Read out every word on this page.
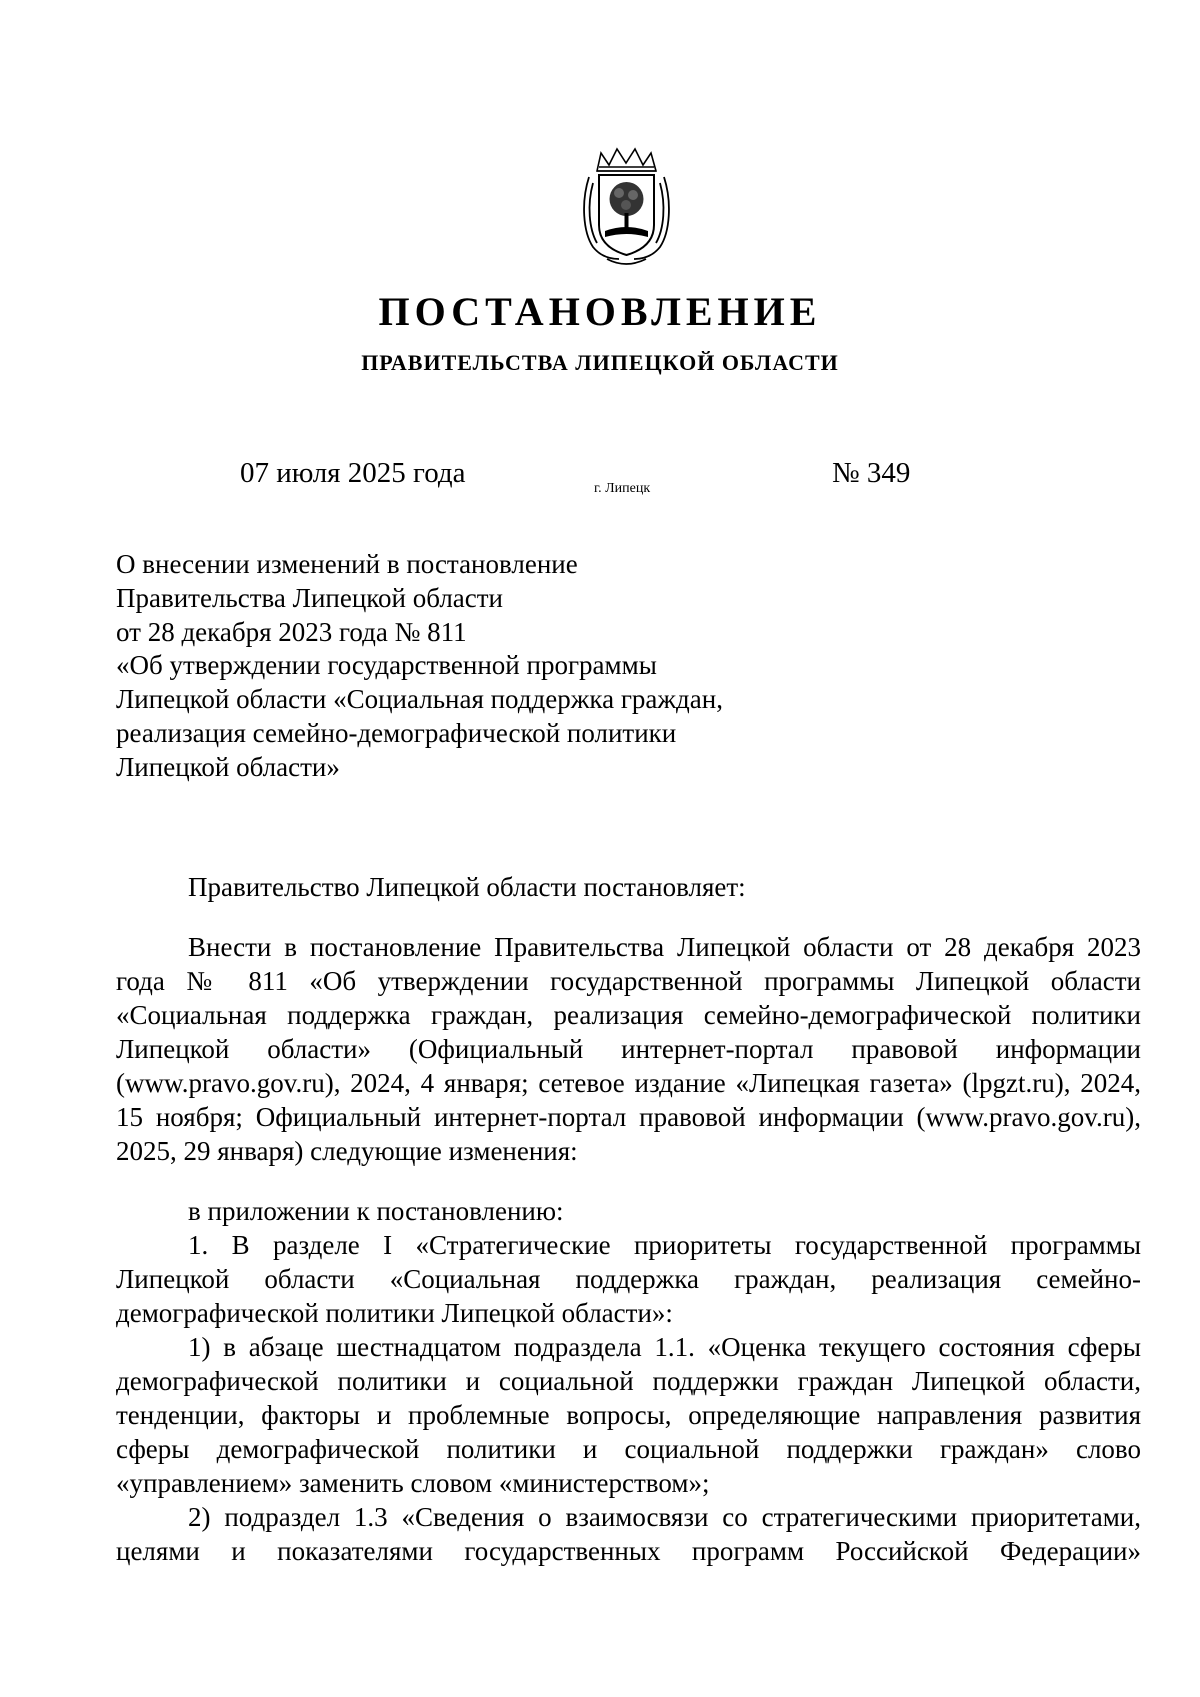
ПОСТАНОВЛЕНИЕ
ПРАВИТЕЛЬСТВА ЛИПЕЦКОЙ ОБЛАСТИ
07 июля 2025 года	г. Липецк	№ 349
О внесении изменений в постановление
Правительства Липецкой области
от 28 декабря 2023 года № 811
«Об утверждении государственной программы
Липецкой области «Социальная поддержка граждан,
реализация семейно-демографической политики
Липецкой области»

Правительство Липецкой области постановляет:

Внести в постановление Правительства Липецкой области от 28 декабря 2023 года № 811 «Об утверждении государственной программы Липецкой области «Социальная поддержка граждан, реализация семейно-демографической политики Липецкой области» (Официальный интернет-портал правовой информации (www.pravo.gov.ru), 2024, 4 января; сетевое издание «Липецкая газета» (lpgzt.ru), 2024, 15 ноября; Официальный интернет-портал правовой информации (www.pravo.gov.ru), 2025, 29 января) следующие изменения:

в приложении к постановлению:

1. В разделе I «Стратегические приоритеты государственной программы Липецкой области «Социальная поддержка граждан, реализация семейно-демографической политики Липецкой области»:

1) в абзаце шестнадцатом подраздела 1.1. «Оценка текущего состояния сферы демографической политики и социальной поддержки граждан Липецкой области, тенденции, факторы и проблемные вопросы, определяющие направления развития сферы демографической политики и социальной поддержки граждан» слово «управлением» заменить словом «министерством»;

2) подраздел 1.3 «Сведения о взаимосвязи со стратегическими приоритетами, целями и показателями государственных программ Российской Федерации»
